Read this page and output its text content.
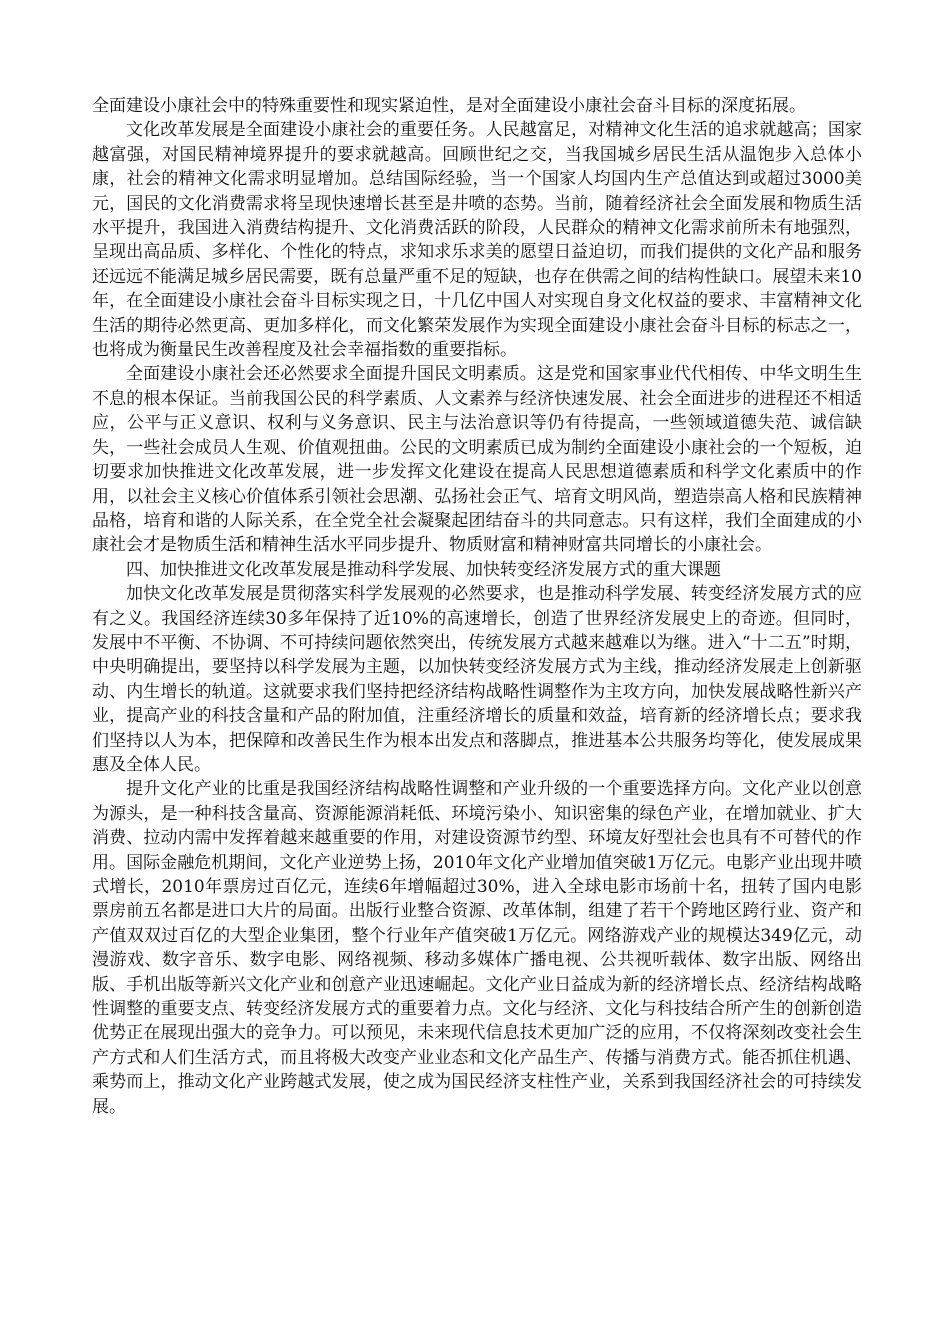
全面建设小康社会中的特殊重要性和现实紧迫性，是对全面建设小康社会奋斗目标的深度拓展。

文化改革发展是全面建设小康社会的重要任务。人民越富足，对精神文化生活的追求就越高；国家越富强，对国民精神境界提升的要求就越高。回顾世纪之交，当我国城乡居民生活从温饱步入总体小康，社会的精神文化需求明显增加。总结国际经验，当一个国家人均国内生产总值达到或超过3000美元，国民的文化消费需求将呈现快速增长甚至是井喷的态势。当前，随着经济社会全面发展和物质生活水平提升，我国进入消费结构提升、文化消费活跃的阶段，人民群众的精神文化需求前所未有地强烈，呈现出高品质、多样化、个性化的特点，求知求乐求美的愿望日益迫切，而我们提供的文化产品和服务还远远不能满足城乡居民需要，既有总量严重不足的短缺，也存在供需之间的结构性缺口。展望未来10年，在全面建设小康社会奋斗目标实现之日，十几亿中国人对实现自身文化权益的要求、丰富精神文化生活的期待必然更高、更加多样化，而文化繁荣发展作为实现全面建设小康社会奋斗目标的标志之一，也将成为衡量民生改善程度及社会幸福指数的重要指标。

全面建设小康社会还必然要求全面提升国民文明素质。这是党和国家事业代代相传、中华文明生生不息的根本保证。当前我国公民的科学素质、人文素养与经济快速发展、社会全面进步的进程还不相适应，公平与正义意识、权利与义务意识、民主与法治意识等仍有待提高，一些领域道德失范、诚信缺失，一些社会成员人生观、价值观扭曲。公民的文明素质已成为制约全面建设小康社会的一个短板，迫切要求加快推进文化改革发展，进一步发挥文化建设在提高人民思想道德素质和科学文化素质中的作用，以社会主义核心价值体系引领社会思潮、弘扬社会正气、培育文明风尚，塑造崇高人格和民族精神品格，培育和谐的人际关系，在全党全社会凝聚起团结奋斗的共同意志。只有这样，我们全面建成的小康社会才是物质生活和精神生活水平同步提升、物质财富和精神财富共同增长的小康社会。

四、加快推进文化改革发展是推动科学发展、加快转变经济发展方式的重大课题

加快文化改革发展是贯彻落实科学发展观的必然要求，也是推动科学发展、转变经济发展方式的应有之义。我国经济连续30多年保持了近10%的高速增长，创造了世界经济发展史上的奇迹。但同时，发展中不平衡、不协调、不可持续问题依然突出，传统发展方式越来越难以为继。进入“十二五”时期，中央明确提出，要坚持以科学发展为主题，以加快转变经济发展方式为主线，推动经济发展走上创新驱动、内生增长的轨道。这就要求我们坚持把经济结构战略性调整作为主攻方向，加快发展战略性新兴产业，提高产业的科技含量和产品的附加值，注重经济增长的质量和效益，培育新的经济增长点；要求我们坚持以人为本，把保障和改善民生作为根本出发点和落脚点，推进基本公共服务均等化，使发展成果惠及全体人民。

提升文化产业的比重是我国经济结构战略性调整和产业升级的一个重要选择方向。文化产业以创意为源头，是一种科技含量高、资源能源消耗低、环境污染小、知识密集的绿色产业，在增加就业、扩大消费、拉动内需中发挥着越来越重要的作用，对建设资源节约型、环境友好型社会也具有不可替代的作用。国际金融危机期间，文化产业逆势上扬，2010年文化产业增加值突破1万亿元。电影产业出现井喷式增长，2010年票房过百亿元，连续6年增幅超过30%，进入全球电影市场前十名，扭转了国内电影票房前五名都是进口大片的局面。出版行业整合资源、改革体制，组建了若干个跨地区跨行业、资产和产值双双过百亿的大型企业集团，整个行业年产值突破1万亿元。网络游戏产业的规模达349亿元，动漫游戏、数字音乐、数字电影、网络视频、移动多媒体广播电视、公共视听载体、数字出版、网络出版、手机出版等新兴文化产业和创意产业迅速崛起。文化产业日益成为新的经济增长点、经济结构战略性调整的重要支点、转变经济发展方式的重要着力点。文化与经济、文化与科技结合所产生的创新创造优势正在展现出强大的竞争力。可以预见，未来现代信息技术更加广泛的应用，不仅将深刻改变社会生产方式和人们生活方式，而且将极大改变产业业态和文化产品生产、传播与消费方式。能否抓住机遇、乘势而上，推动文化产业跨越式发展，使之成为国民经济支柱性产业，关系到我国经济社会的可持续发展。
